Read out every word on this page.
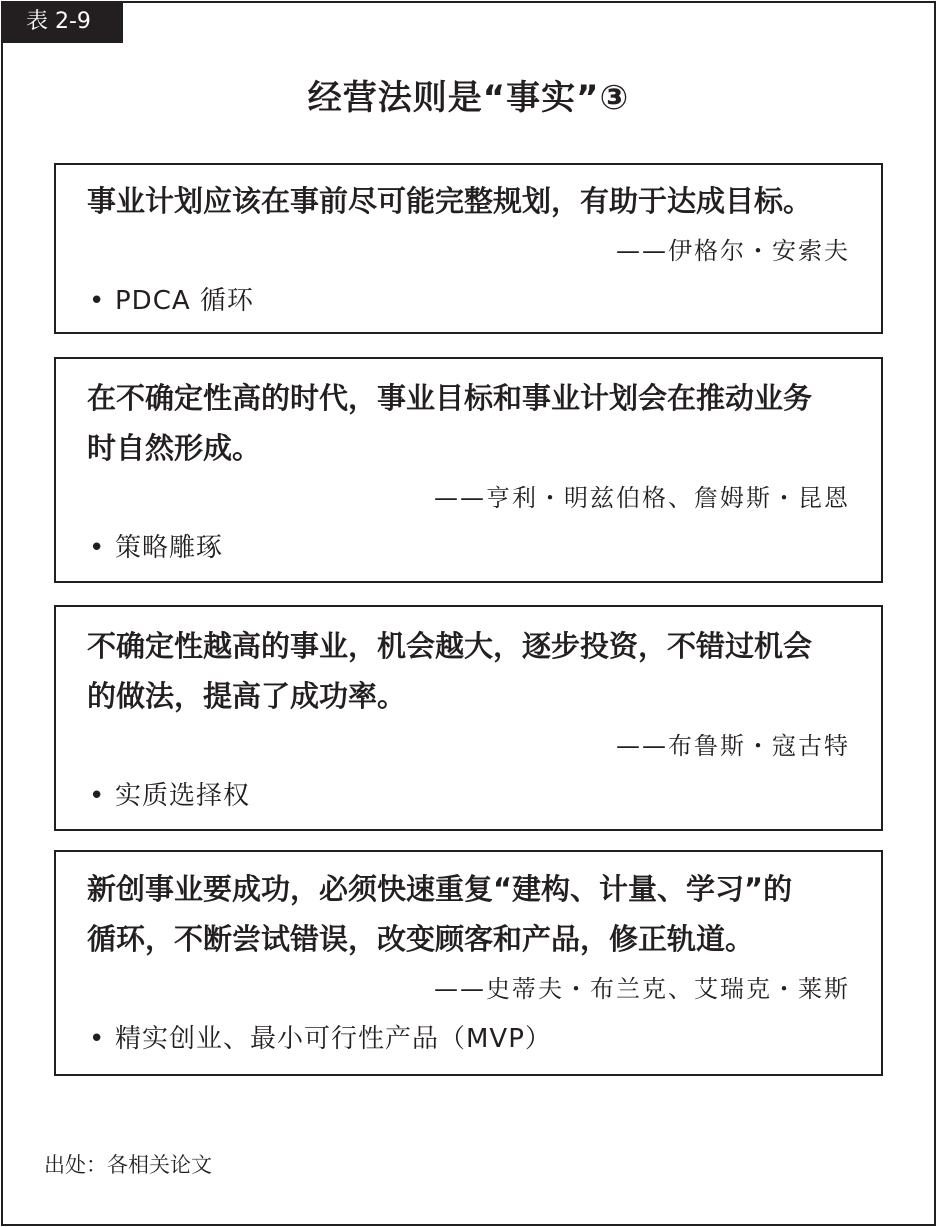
表 2-9
经营法则是“事实”③
事业计划应该在事前尽可能完整规划，有助于达成目标。
——伊格尔・安索夫
• PDCA 循环
在不确定性高的时代，事业目标和事业计划会在推动业务
时自然形成。
——亨利・明兹伯格、詹姆斯・昆恩
• 策略雕琢
不确定性越高的事业，机会越大，逐步投资，不错过机会
的做法，提高了成功率。
——布鲁斯・寇古特
• 实质选择权
新创事业要成功，必须快速重复“建构、计量、学习”的
循环，不断尝试错误，改变顾客和产品，修正轨道。
——史蒂夫・布兰克、艾瑞克・莱斯
• 精实创业、最小可行性产品（MVP）
出处：各相关论文
